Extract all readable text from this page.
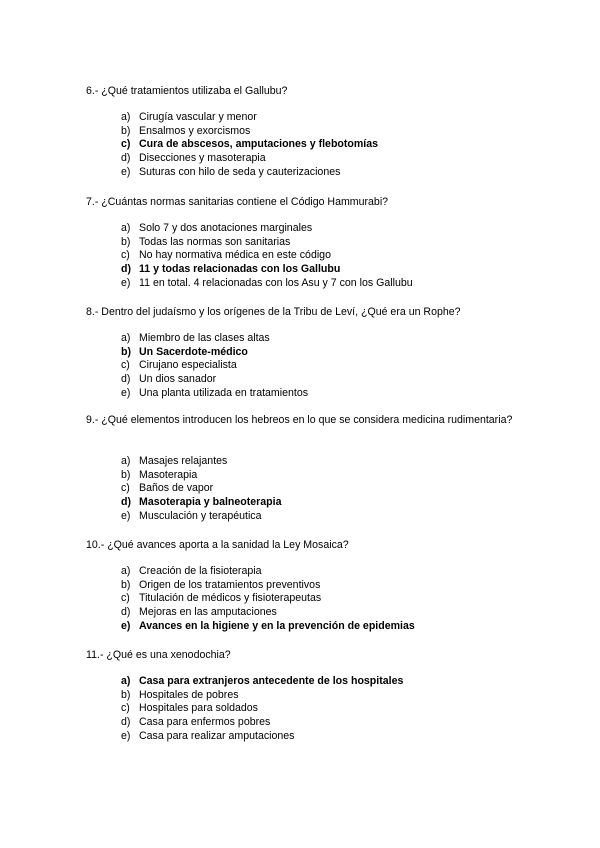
6.- ¿Qué tratamientos utilizaba el Gallubu?

a) Cirugía vascular y menor
b) Ensalmos y exorcismos
c) Cura de abscesos, amputaciones y flebotomías
d) Disecciones y masoterapia
e) Suturas con hilo de seda y cauterizaciones

7.- ¿Cuántas normas sanitarias contiene el Código Hammurabi?

a) Solo 7 y dos anotaciones marginales
b) Todas las normas son sanitarias
c) No hay normativa médica en este código
d) 11 y todas relacionadas con los Gallubu
e) 11 en total. 4 relacionadas con los Asu y 7 con los Gallubu

8.- Dentro del judaísmo y los orígenes de la Tribu de Leví, ¿Qué era un Rophe?

a) Miembro de las clases altas
b) Un Sacerdote-médico
c) Cirujano especialista
d) Un dios sanador
e) Una planta utilizada en tratamientos

9.- ¿Qué elementos introducen los hebreos en lo que se considera medicina rudimentaria?

a) Masajes relajantes
b) Masoterapia
c) Baños de vapor
d) Masoterapia y balneoterapia
e) Musculación y terapéutica

10.- ¿Qué avances aporta a la sanidad la Ley Mosaica?

a) Creación de la fisioterapia
b) Origen de los tratamientos preventivos
c) Titulación de médicos y fisioterapeutas
d) Mejoras en las amputaciones
e) Avances en la higiene y en la prevención de epidemias

11.- ¿Qué es una xenodochia?

a) Casa para extranjeros antecedente de los hospitales
b) Hospitales de pobres
c) Hospitales para soldados
d) Casa para enfermos pobres
e) Casa para realizar amputaciones
